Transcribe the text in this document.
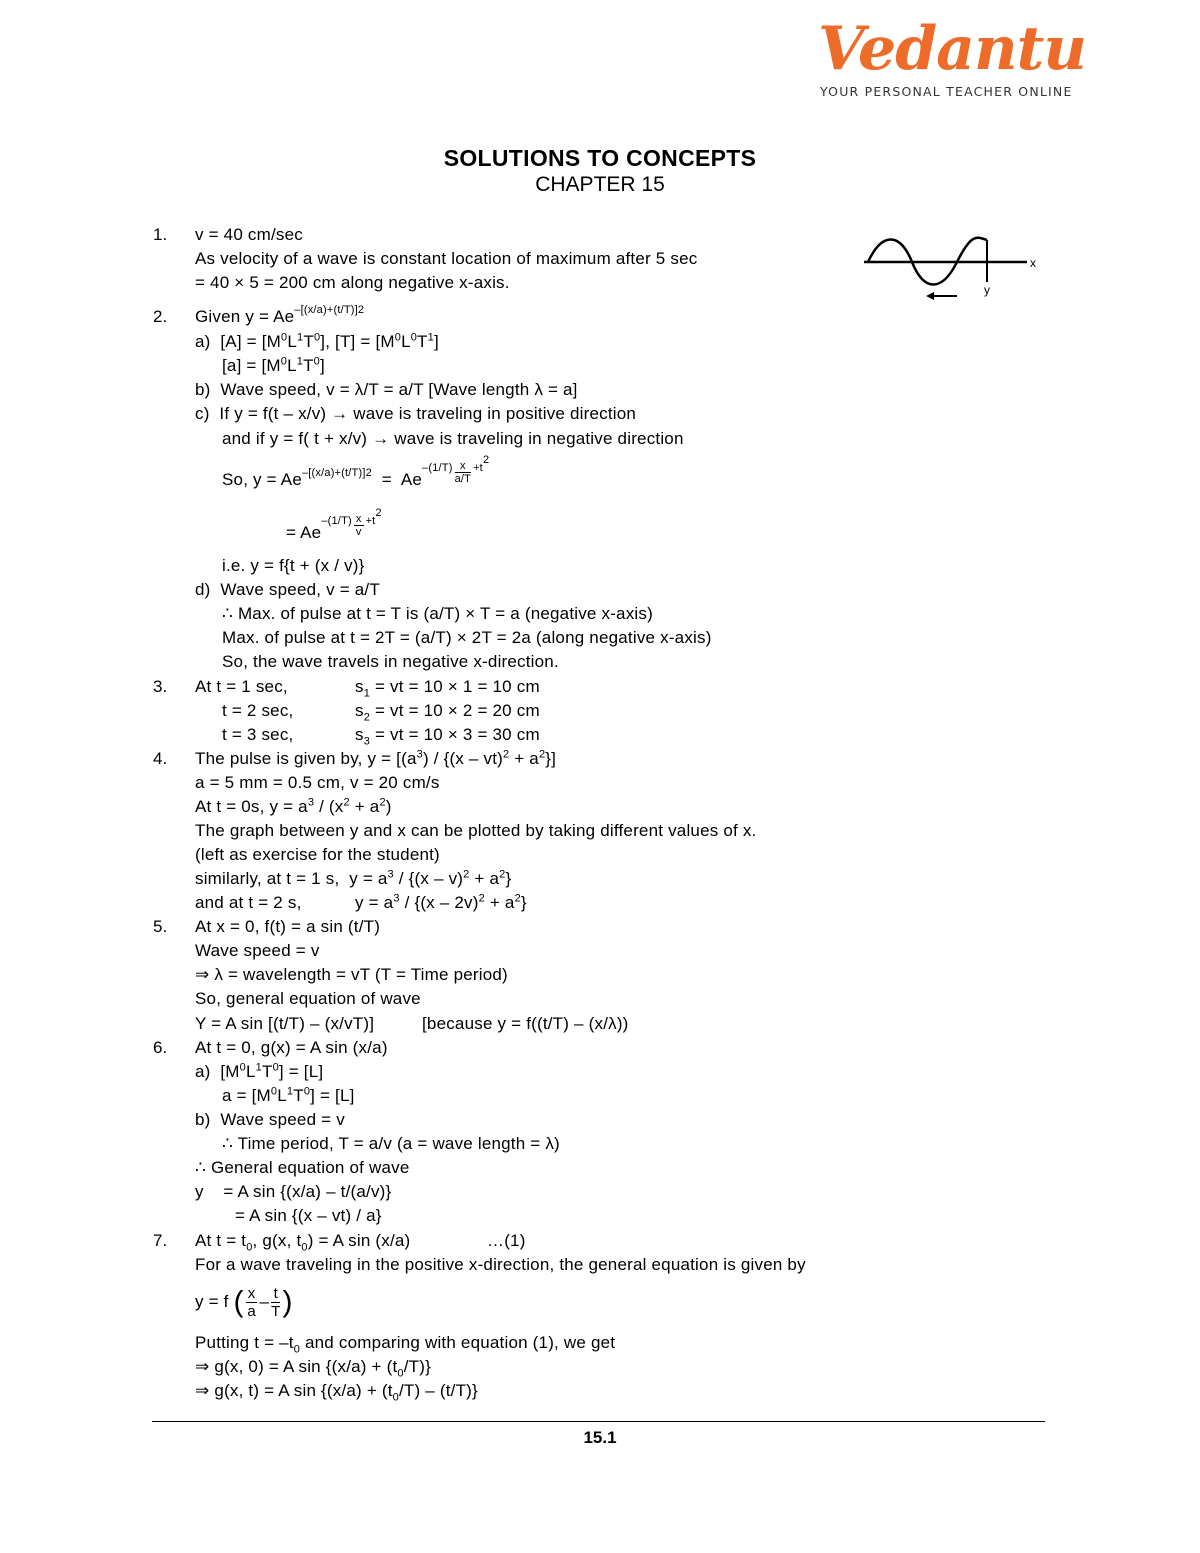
Vedantu
YOUR PERSONAL TEACHER ONLINE
SOLUTIONS TO CONCEPTS
CHAPTER 15
x
y
1. v = 40 cm/sec
As velocity of a wave is constant location of maximum after 5 sec
= 40 × 5 = 200 cm along negative x-axis.
2. Given $y = Ae^{-[(x/a)+(t/T)]2}$
a)  $[A] = [M^0L^1T^0]$, $[T] = [M^0L^0T^1]$
$[a] = [M^0L^1T^0]$
b) Wave speed, v = λ/T = a/T [Wave length λ = a]
c) If y = f(t – x/v) → wave is traveling in positive direction
and if y = f( t + x/v) → wave is traveling in negative direction
So, $y = Ae^{-[(x/a)+(t/T)]2} = Ae^{-(1/T)} \frac{x}{a/T} ^{+t2}$
= $Ae^{-(1/T)} \frac{x}{v} ^{+t2}$
i.e. y = f{t + (x / v)}
d) Wave speed, v = a/T
∴ Max. of pulse at t = T is (a/T) × T = a (negative x-axis)
Max. of pulse at t = 2T = (a/T) × 2T = 2a (along negative x-axis)
So, the wave travels in negative x-direction.
3. At t = 1 sec,	$s_1$ = vt = 10 × 1 = 10 cm
t = 2 sec,	$s_2$ = vt = 10 × 2 = 20 cm
t = 3 sec,	$s_3$ = vt = 10 × 3 = 30 cm
4. The pulse is given by, $y = [(a^3) / \{(x - vt)^2 + a^2\}]$
a = 5 mm = 0.5 cm, v = 20 cm/s
At t = 0s, $y = a^3 / (x^2 + a^2)$
The graph between y and x can be plotted by taking different values of x.
(left as exercise for the student)
similarly, at t = 1 s,  $y = a^3 / \{(x - v)^2 + a^2\}$
and at t = 2 s,	$y = a^3 / \{(x - 2v)^2 + a^2\}$
5. At x = 0, f(t) = a sin (t/T)
Wave speed = v
⇒ λ = wavelength = vT (T = Time period)
So, general equation of wave
Y = A sin [(t/T) – (x/vT)]	[because y = f((t/T) – (x/λ))
6. At t = 0, g(x) = A sin (x/a)
a)  $[M^0L^1T^0] = [L]$
$a = [M^0L^1T^0] = [L]$
b)  Wave speed = v
∴ Time period, T = a/v (a = wave length = λ)
∴ General equation of wave
y    = A sin {(x/a) – t/(a/v)}
= A sin {(x – vt) / a}
7. At $t = t_0$, g(x, $t_0) = A$ sin (x/a)	…(1)
For a wave traveling in the positive x-direction, the general equation is given by
y = f ( $\frac{x}{a} - \frac{t}{T}$ )
Putting $t = -t_0$ and comparing with equation (1), we get
⇒ g(x, 0) = A $\sin \{(x/a) + (t_0/T)\}$
⇒ g(x, t) = A $\sin \{(x/a) + (t_0/T) - (t/T)\}$
15.1
